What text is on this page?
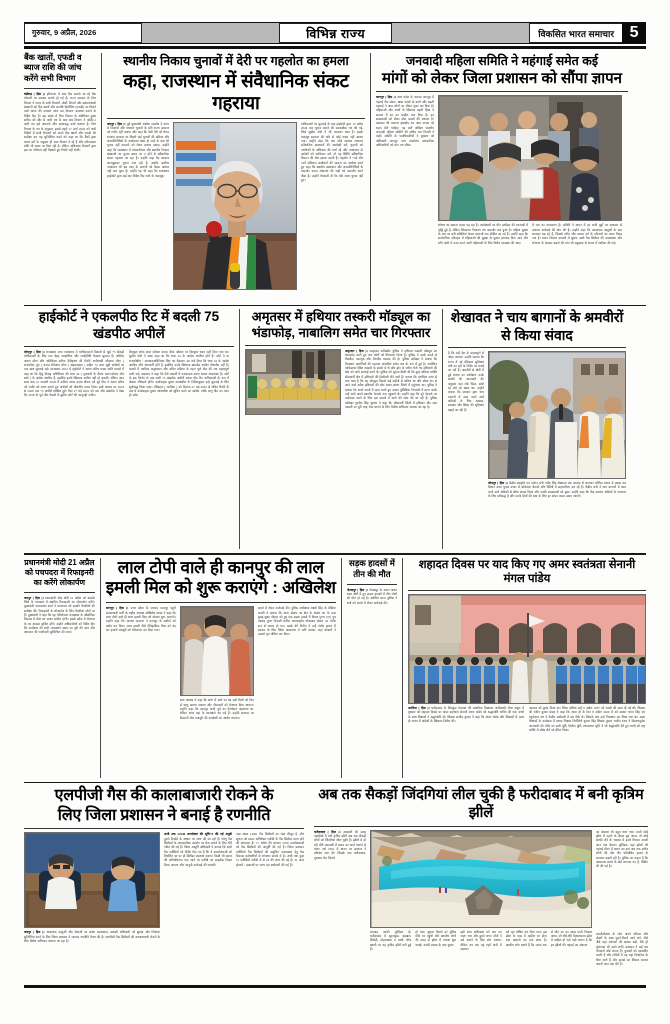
गुरुवार, 9 अप्रैल, 2026	विभिन्न राज्य	विकसित भारत समाचार 5
बैंक खातों, एफडी व ब्याज राशि की जांच करेंगे सभी विभाग
चंडीगढ़ ( हिस )। हरियाणा में आए दिन सामने आ रहे बैंक घोटालों पर सरकार सतर्क हो गई है। राज्य सरकार के वित्त विभाग ने राज्य के सभी विभागों, बोर्डों, निगमों और स्वायत्तशासी संस्थानों को बैंक खातों और सावधि डिपॉजिट (एफडी) पर मिलने वाले ब्याज की तत्काल जांच कर विवरण उपलब्ध कराने के निर्देश दिए हैं। इस संबंध में वित्त विभाग के अतिरिक्त मुख्य सचिव को और से जारी पत्र के बाद अब विभाग ने फॉर्मेट-1 जारी कर इसे अपनाने और समयबद्ध कार्य चलाया है। वित्त विभाग के पत्र के अनुसार, इससे पहले 17 मार्च 2026 को जारी निर्देशों में सभी विभागों को अपने बैंक खातों और एफडी की समीक्षा कर यह सुनिश्चित करने को कहा था कि बैंकों द्वारा ब्याज दरों के अनुसार ही जमा विभाग दे रहे हैं और परिपक्वता राशि भी समय पर मिल रही है। लेकिन अधिकांश विभागों द्वारा इस पर गंभीरता नहीं दिखाते हुए रिपोर्ट नहीं भेजी।
स्थानीय निकाय चुनावों में देरी पर गहलोत का हमला
कहा, राजस्थान में संवैधानिक संकट गहराया
जयपुर ( हिस )। पूर्व मुख्यमंत्री अशोक गहलोत ने राज्य में निकायों और पंचायत चुनावों के प्रति राज्य सरकार को गंभीर नहीं बताया और कहा कि ऐसी देरी को लेकर भाजपा सरकार पर पिछले कई चुनावों की प्रक्रिया और जनप्रतिनिधियों के कार्यकाल खत्म हो जाने के बाद भी चुनाव नहीं करवाने को लेकर सवाल उठाए। उन्होंने कहा कि राजस्थान में पंचायतीराज और स्थानीय निकाय संस्थाओं का चुनाव समय पर न होने से संवैधानिक संकट गहराता जा रहा है। उन्होंने कहा कि सरकार जानबूझकर चुनाव टाल रही है, जबकि सर्वोच्च न्यायालय भी इस तरह के कारणों को बैठक आधार नहीं मान चुका है। उन्होंने यह भी कहा कि राजस्थान हाईकोर्ट द्वारा कई बार निर्देश दिए जाने के बावजूद।
याचिकाओं पर सुनवाई के बाद हाईकोर्ट द्वारा 15 अप्रैल 2026 तक चुनाव कराने की समयसीमा तय की गई, जिसे सुप्रीम कोर्ट ने भी बरकरार रखा है। इसके बावजूद सरकार की ओर से कोई कदम नहीं उठाया गया। उन्होंने कहा कि जब कोई सरकार लगातार संवैधानिक प्रावधानों की अनदेखी करे, चुनावों को नागरिकों के अधिकार की चर्चा रहे और न्यायालय के आदेशों को दरकिनार करें, तो यह स्थिति संवैधानिक विघटन की ओर इशारा करती है। गहलोत ने 73वें और 74वें संविधान संशोधनों की भावना का उल्लेख करते हुए कहा कि स्थानीय स्वशासन और जनप्रतिनिधियों के कमजोर करना लोकतंत्र की जड़ों को कमजोर करने जैसा है। उन्होंने चेतावनी दी कि यदि जल्द चुनाव नहीं हुए।
जनवादी महिला समिति ने महंगाई समेत कई
मांगों को लेकर जिला प्रशासन को सौंपा ज्ञापन
कानपुर ( हिस )। उत्तर प्रदेश के जनपद कानपुर में गहराई गैस संकट, खाद्य पदार्थ के दामों और बढ़ती महंगाई ने आम लोगों का जीवन दूभर कर दिया है। महिलाओं और बच्चों के खिलाफ बढ़ती हिंसा ने समाज में डर का माहौल बना दिया है। इन समस्याओं को लेकर ठोस कदमों की जरूरत है। प्रशासन की तत्काल हस्तक्षेप कर आम जनता को राहत देनी चाहिए। यह बातें अखिल भारतीय जनवादी महिला समिति की सचिव रमा तिवारी ने कहीं। समिति के पदाधिकारियों ने बुधवार को अधिकारी कानपुर नगर कार्यालय प्रशासनिक अधिकारियों को मांग पत्र सौंपा।
शोषण का सामना करना पड़ रहा है। कार्यस्थलों पर यौन उत्पीड़न की घटनाओं में वृद्धि हुई है, लेकिन शिकायत निवारण तंत्र कमजोर बना हुआ है। महिला सुरक्षा के नाम पर बनी समितियां केवल कागजों तक सीमित रह गई हैं। उन्होंने कहा कि सार्वजनिक परिवहन में महिलाओं की सुरक्षा के पुख्ता इंतजाम किए जाएं और रात्रि पाली में काम करने वाली महिलाओं के लिए विशेष व्यवस्था की जाए।
में भय का वातावरण है। समिति ने ज्ञापन में इन सभी मुद्दों पर प्रशासन से तत्काल कार्रवाई की मांग की है। उन्होंने कहा कि आवश्यक वस्तुओं के दाम लगातार बढ़ रहे हैं, जिससे गरीब और मध्यम वर्ग के परिवारों का बजट बिगड़ गया है। राशन वितरण प्रणाली में सुधार, सस्ते गैस सिलेंडर की उपलब्धता और रोजगार के अवसर बढ़ाने की मांग भी प्रमुखता से ज्ञापन में शामिल की गई।
हाईकोर्ट ने एकलपीठ रिट में बदली 75 खंडपीठ अपीलें
जोधपुर ( हिस )। राजस्थान उच्च न्यायालय ने याचिकाकर्ता विवादों से जुड़े 75 सैकड़ों याचिकाओं के लिए एक बेहद न्यायाधिक और जनहितैषी फैसला सुनाया है। जस्टिस अरुण मोंगा और अतिरिक्त प्रतीक देवीकृष्ण की रिपोर्ट अपीलार्थी कौशल्य मोंगा ( राजनंदेश, पुत्र ) बनाम रतिकांत मोंगा ( अहमदाबाद ) सहित 74 अन्य जुड़ी अपीलों पर एक साथ सुनवाई गई। दरअसल, 2012 में हाईकोर्ट ने अलग मनिष बनाम शांति मामले में कहा था कि हिंदू विवाह अधिनियम की धारा 24 ( गुजराती के दौरान भरण-पोषण और खर्च ) के आदेश अंतरिम हैं, इसलिए इनके खिलाफ अपील नहीं हो सकती। लेकिन आठ साल बाद 12 जनवरी 2018 में कविता व्यास बनाम दीपक दवे पूर्व पीठ ने अलग मनिष को नजीर को गलत बताते हुए अपीलों को पोषणीय करार दिया। इसी आधार पर 2018 से 2026 तक 75 अपीलें दाखिल हुईं। फिर 27 मई 2022 को एक और खंडपीठ ने देखा कि 2018 के पूर्व पीठ फैसले में सुप्रीम कोर्ट की कानूनही नजीर।
बिल्कुल लोक संदर कौशल बनाम बीना कौशल पर बिल्कुल ध्यान नहीं दिया गया था। सुप्रीम कोर्ट ने साफ कहा था कि धारा 24 के आदेश अंतरिम होते हैं। कोर्ट ने या राजकोषीय / आयकरअधिनियम लिए गए फैसला। का तर्क दिया कि धारा 24 के आदेश अंतरिम और अंतरवर्ती होते हैं, इसलिए उनके खिलाफ खंडपीठ अपील पोषणीय नहीं है। मामले में न्यायिक अनुशासन और उचित प्रक्रिया के तहत पूर्ण पीठ की राय महत्वपूर्ण मानी गई। अदालत ने कहा कि ऐसे मामलों में एकरूपता बनाए रखना आवश्यक है। कोर्ट के इस निर्णय के बाद सभी 75 खंडपीठ अपीलें एकल पीठ रिट याचिकाओं के रूप में दोबारा रजिस्टर्ड होंगी। कार्यवाहक मुख्य न्यायाधीश के निर्देशानुसार इन्हें सुनवाई के लिए सूचीबद्ध किया जाए। रजिस्ट्रार ( न्यायिक ) को दिनांक 27 मई 2022 से लंबित रिपोर्ट के बाद में कार्यवाहक मुख्य न्यायाधीश को सूचित करने का आदेश, ताकि लागू पीठ का गठन हो सके।
अमृतसर में हथियार तस्करी मॉड्यूल का भंडाफोड़, नाबालिग समेत चार गिरफ्तार
अमृतसर ( हिस )। अमृतसर कमिश्नरेट पुलिस ने हथियार तस्करी मॉड्यूल का भंडाफोड़ करते हुए चार लोगों को गिरफ्तार किया है। पुलिस ने उनके कब्जे से पिस्तौल, कारतूस और मैगजीन बरामद की है। पुलिस कमिश्नर ने बताया कि गिरफ्तार आरोपियों की पहचान नाबालिग समेत चार के रूप में हुई है। आरोपित पाकिस्तान स्थित तस्करों के संपर्क में थे और ड्रोन के जरिए भेजे गए हथियारों की खेप को आगे सप्लाई करते थे। पुलिस को सूचना मिली थी कि कुछ संदिग्ध व्यक्ति सीमावर्ती क्षेत्र में हथियारों की डिलीवरी लेने वाले हैं। बताया कि प्रारंभिक जांच से पता चला है कि यह मॉड्यूल पिछले कई महीनों से सक्रिय था और सीमा पार से आने वाले अवैध हथियारों की खेप अलग-अलग जिलों में पहुंचाता था। पुलिस ने बताया कि अपने कब्जे में काम करते हुए उनका पुलिसिया निगरानी में प्राप्त करके उन्हें आगे अपने स्थानीय नेटवर्क तक पहुंचाते थे। उन्होंने कहा कि पूरे नेटवर्क का पर्दाफाश करने के लिए इस मामले में आगे की जांच की जा रही है। पुलिस कमिश्नर गुरदीप सिंह भुल्लर ने कहा कि सीमावर्ती जिलों में हथियार और नशा तस्करी पर पूरी तरह रोक लगाने के लिए विशेष अभियान चलाया जा रहा है।
शेखावत ने चाय बागानों के श्रमवीरों से किया संवाद
है कि उन्हें देश के महत्वपूर्ण से जोड़ा जाएगा। उन्होंने बताया कि राज्य में नई मेडिकल सुविधाएं मंत्री का रही के निर्देश पर बनाई जा रही हैं। श्रमवीरों से खेती में हुई मंत्रणा का पर्यवेक्षण उनके संबंधों की जानकारी दी। अनुसार यहां लंबे पिंडर, सभी रहे लंबे का खास था। उन्होंने बताया कि सरकार द्वारा चाय बागानों में काम करने वाले श्रमिकों के लिए आवास, स्वास्थ्य और शिक्षा की सुविधाएं बढ़ाई जा रही हैं।
जोधपुर ( हिस )। केंद्रीय संस्कृति एवं पर्यटन मंत्री गजेंद्र सिंह शेखावत एक सप्ताह से लगातार पश्चिम बंगाल में प्रवास कर विधान सभा चुनाव प्रचार में सक्रियता बैठकों और रैलियों में सहभागिता कर रहे हैं। केंद्रीय मंत्री ने चाय बागानों में काम करने वाले श्रमिकों से सीधा संवाद किया और उनकी समस्याओं को सुना। उन्होंने कहा कि केंद्र सरकार श्रमिकों के कल्याण के लिए प्रतिबद्ध है और उनके हितों की रक्षा के लिए हर संभव कदम उठाए जाएंगे।
प्रधानमंत्री मोदी 21 अप्रैल को पचपदरा में रिफाइनरी का करेंगे लोकार्पण
जयपुर ( हिस )। प्रधानमंत्री नरेंद्र मोदी 21 अप्रैल को बाड़मेर जिले के पचपदरा में स्थापित रिफाइनरी का लोकार्पण करेंगे। मुख्यमंत्री भजनलाल शर्मा ने मंगलवार को इसकी तैयारियों की समीक्षा की। रिफाइनरी के लोकार्पण के लिए तैयारियां जोरों पर हैं। मुख्यमंत्री ने कहा कि यह परियोजना राजस्थान के औद्योगिक विकास में मील का पत्थर साबित होगी। इससे प्रदेश में रोजगार के नए अवसर सृजित होंगे। उन्होंने अधिकारियों को निर्देश दिए कि कार्यक्रम की सभी व्यवस्थाएं समय पर पूरी की जाएं और आमजन की भागीदारी सुनिश्चित की जाए।
लाल टोपी वाले ही कानपुर की लाल
इमली मिल को शुरू कराएंगे : अखिलेश
कानपुर ( हिस )। उत्तर प्रदेश के जनपद कानपुर पहुंचे समाजवादी पार्टी के राष्ट्रीय अध्यक्ष अखिलेश यादव ने कहा कि लाल टोपी वाले ही लाल इमली मिल को दोबारा शुरू कराएंगे। उन्होंने कहा कि भाजपा सरकार ने कानपुर के उद्योगों को बर्बाद कर दिया। लाल इमली जैसे ऐतिहासिक मिल को बंद कर हजारों मजदूरों को बेरोजगार कर दिया गया।
सपा अध्यक्ष ने कहा कि सत्ता में आने पर बंद पड़ी मिलों को फिर से चालू कराया जाएगा और नौजवानों को रोजगार दिया जाएगा। उन्होंने कहा कि कानपुर कभी पूर्व का मैनचेस्टर कहलाता था, लेकिन आज यहां के कारखाने बंद पड़े हैं। उन्होंने सरकार पर किसानों और मजदूरों की अनदेखी का आरोप लगाया।
कब्जे में लेकर कार्रवाई की। पुलिस अधीक्षक लक्ष्मी सिंह के मीडिया प्रभारी ने बताया कि थाना सेक्टर 39 क्षेत्र के सेक्टर 90 के पास सुबह-सुबह दोपहर को हुए एक सड़क हादसे में विमल गुप्ता (37) पुत्र चंद्रचंद्र गुप्ता निवासी प्रतीक धरातलहोम घोषाबाद सेक्टर 45 गंभीर रूप से घायल हो गए। उसके बेटे विनीत ने उन्हें गंभीर हालत में उपचार के लिए जिला अस्पताल में भर्ती कराया, जहां डॉक्टरों ने उसको मृत घोषित कर दिया।
सड़क हादसों में तीन की मौत
गोरखपुर ( हिस )। गोरखपुर के अलग अलग थाना क्षेत्रों में हुए सड़क हादसों में तीन लोगों की मौत हो गई है। संबंधित थाना पुलिस ने शवों को कब्जे में लेकर कार्रवाई की।
शहादत दिवस पर याद किए गए अमर स्वतंत्रता सेनानी मंगल पांडेय
अरनिया ( हिस )। फतेहाबाद के शिवकुंड पंचायत की प्राथमिक विद्यालय आदिवासी टोला मथुरा में बुधवार को शहादत दिवस पर अमर स्वतंत्रता सेनानी मंगल पांडेय को श्रद्धांजलि अर्पित की गई। बच्चों के साथ शिक्षकों ने श्रद्धांजलि दी। शिक्षक संजीव कुमार ने कहा कि मंगल पांडेय और शिक्षकों में, साथ ही भारत में अंग्रेजों के खिलाफ विरोध की।
आवाज को बुलंद किया था। जिला बलिया उन्हें 8 अप्रैल 1857 को फांसी की सजा दी गई थी। शिक्षक श्री रंजीत कुमार मंडल ने कहा कि आज ही के दिन 8 अप्रैल 1929 में को सरदार भगत सिंह एवं बटुकेश्वर दत्त ने केंद्रीय असेंबली में बम फेंके थे। जिसके बाद उन्हें गिरफ्तार कर लिया गया था। कक्षा शिक्षकों के कार्यक्रम में प्रधान शिक्षक निर्मलिनी कुमार सिंह शिक्षक कुमार राजीव रंजन ने विस्तारपूर्वक जानकारी दी। मौके पर सभी मूर्ति, दिलीप मूर्ति, श्यामलाल मूर्ति, ने भी श्रद्धांजलि देते हुए बच्चों को राष्ट्र भक्ति में सीख लेने को प्रेरित किया।
एलपीजी गैस की कालाबाजारी रोकने के
लिए जिला प्रशासन ने बनाई है रणनीति
जयपुर ( हिस )। आवश्यक वस्तुओं और सेवाओं का संबंध उपलब्धता, प्रशासी अधिकारी को सुरक्षा और निर्भरता सुनिश्चित करने के लिए जिला प्रशासन ने व्यापक रणनीति तैयार की है। एलपीजी गैस सिलेंडरों की कालाबाजारी रोकने के लिए विशेष अभियान चलाया जा रहा है।
अभी तक 22340 उपभोक्ता की सूचि'ा की गई अनुदी पुराने रिकॉर्ड के आधार पर जांच की जा रही है। घरेलू गैस सिलेंडरों के व्यावसायिक उपयोग पर रोक लगाने के लिए टीमें गठित की गई हैं। जिला आपूर्ति अधिकारी ने बताया कि सभी गैस एजेंसियों को निर्देश दिए गए हैं कि वे उपभोक्ताओं को निर्धारित दर पर ही सिलेंडर उपलब्ध कराएं। किसी भी प्रकार की अनियमितता पाए जाने पर एजेंसी का लाइसेंस निरस्त किया जाएगा और कानूनी कार्रवाई की जाएगी।
पास संपन्न 14561 गैस सिलेंडरों का भंडा मौजूद है, और सूचना को 6262 अतिरिक्त एजेंसी के गैस सिलेंडर प्राप्त होने की संभावना है। 17 अप्रैल की लगभग 5256 उपभोक्ताओं को गैस सिलेंडरों की आपूर्ति की गई है। जिला प्रशासन एजेंसियों गैस सिलेंडरों की समुचित उपलब्धता हेतु गैस विकास कर्मचारियों से लगातार संपर्क में है। अभी तक कुल 51 एजेंसियों एजेंसी में से 26 की जांच की गई है। 31 अन्य होटलों / ढाबाओं पर जांच एवं छापेमारी की गई है।
अब तक सैकड़ों जिंदगियां लील चुकी है फरीदाबाद में बनी कृत्रिम झीलें
फरीदाबाद ( हिस )। अरावली की सतह पहाड़ियों में बनी कृत्रिम झीलें अब तक सैकड़ों लोगों को जिंदगियां लील चुकी हैं। झीलों में हो रही मौतें अरावली में खनन का कार्य चलाने से चला। वर्ष 1991 में खनन पर सरकार ने प्रतिबंध लगा दी। जिसके बाद फरीदाबाद-गुरुग्राम रोड किनारे
लगवाह काफी मुश्किल है। फरीदाबाद में सूरजकुंड, बड़खल, सिरोही, मोहनखाल व पाली, धौज स्थानी पर यह कृत्रिम झीलें बनी हुई हैं।
हो गया। सूचना मिलने पर पुलिस मौके पर पहुंची और स्थानीय लोगों की मदद से झील में तलाश शुरू कराई। काफी प्रयास के बाद युवक
इसी शाम अधिकांश घटे पाए गए जाता गया और डूबने लगा। दोनों ने उसे बचाने के लिए शोर मचाया, लेकिन तब तक वह गहरे पानी में समाया।
उसे मृत घोषित कर दिया गया। इस झील के पास में माहौल पर होता सात खदानों का एक संघर है। स्थानीय लोग बताते हैं कि 1990 तक
से मौत का का खास पानी निकाल आया, जो धीरे-धीरे विशालकाय झील में तब्दील हो गई। यही कारण है कि इन झीलों की गहराई का अंदाजा
का अंदाजा भी बहुत चला गया। कभी कोई झील में नहाने के दौरान डूब जाता, तो कोई सेल्फी लेने के चक्कर में इनमें गिरकर अपनी जान गंवा बैठता। मुश्किल, यहां झीलों की गहराई मीटर में खनन का क्रम अब तक करीब लोगों की मौत लैंप प्रतिबंधित हालत के लगातार बढ़ती रही है। पुलिस का कहना है कि आसपास खतरे के बोर्ड लगवाए गए हैं, फेंसिंग भी की गई है।
एलपीजीआर के लोग अपने परिवार और दोस्तों के साथ घूमने-फिरने आने लगे, जैसे जैसे यहां पर्यटकों की संख्या बढ़ी, वैसे ही दुर्घटनाएं भी बढ़ने लगीं। प्रशासन ने कई बार चेतावनी बोर्ड लगाए हैं। युवाओं को आकर्षित करती हैं और गर्मियों में वह यहां पिकनिक के लिए आते हैं और हादसे का शिकार बनकर अपनी जान गंवा देते हैं।
